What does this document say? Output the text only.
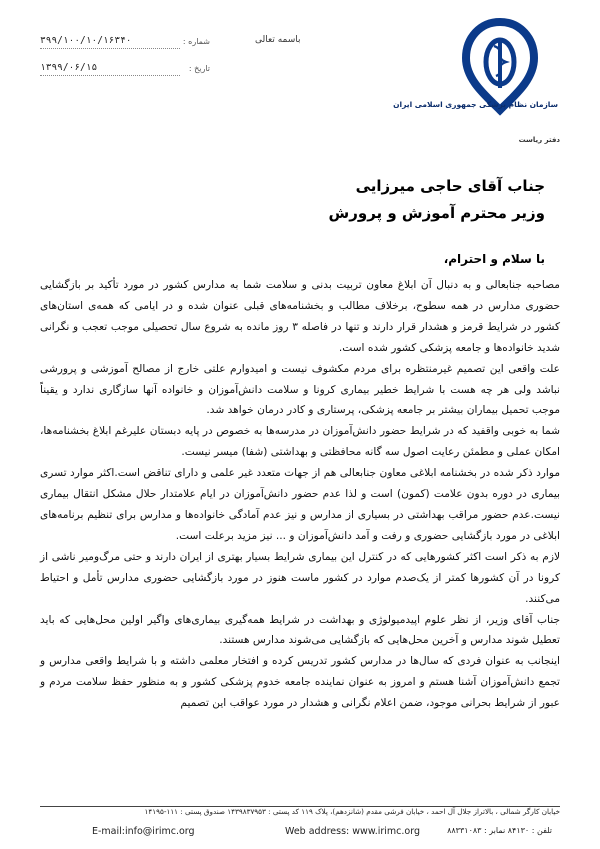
باسمه تعالی
۳۹۹/۱۰۰/۱۰/۱۶۳۴۰	: شماره
۱۳۹۹/۰۶/۱۵	: تاریخ
سازمان نظام پزشکی جمهوری اسلامی ایران
دفتر ریاست
جناب آقای حاجی میرزایی
وزیر محترم آموزش و پرورش
با سلام و احترام،

مصاحبه جنابعالی و به دنبال آن ابلاغ معاون تربیت بدنی و سلامت شما به مدارس کشور در مورد تأکید بر بازگشایی حضوری مدارس در همه سطوح، برخلاف مطالب و بخشنامه‌های قبلی عنوان شده و در ایامی که همه‌ی استان‌های کشور در شرایط قرمز و هشدار قرار دارند و تنها در فاصله ۳ روز مانده به شروع سال تحصیلی موجب تعجب و نگرانی شدید خانواده‌ها و جامعه پزشکی کشور شده است.

علت واقعی این تصمیم غیرمنتظره برای مردم مکشوف نیست و امیدوارم علتی خارج از مصالح آموزشی و پرورشی نباشد ولی هر چه هست با شرایط خطیر بیماری کرونا و سلامت دانش‌آموزان و خانواده آنها سازگاری ندارد و یقیناً موجب تحمیل بیماران بیشتر بر جامعه پزشکی، پرستاری و کادر درمان خواهد شد.

شما به خوبی واقفید که در شرایط حضور دانش‌آموزان در مدرسه‌ها به خصوص در پایه دبستان علیرغم ابلاغ بخشنامه‌ها، امکان عملی و مطمئن رعایت اصول سه گانه محافظتی و بهداشتی (شفا) میسر نیست.

موارد ذکر شده در بخشنامه ابلاغی معاون جنابعالی هم از جهات متعدد غیر علمی و دارای تناقض است.اکثر موارد تسری بیماری در دوره بدون علامت (کمون) است و لذا عدم حضور دانش‌آموزان در ایام علامتدار حلال مشکل انتقال بیماری نیست.عدم حضور مراقب بهداشتی در بسیاری از مدارس و نیز عدم آمادگی خانواده‌ها و مدارس برای تنظیم برنامه‌های ابلاغی در مورد بازگشایی حضوری و رفت و آمد دانش‌آموزان و ... نیز مزید برعلت است.

لازم به ذکر است اکثر کشورهایی که در کنترل این بیماری شرایط بسیار بهتری از ایران دارند و حتی مرگ‌ومیر ناشی از کرونا در آن کشورها کمتر از یک‌صدم موارد در کشور ماست هنوز در مورد بازگشایی حضوری مدارس تأمل و احتیاط می‌کنند.

جناب آقای وزیر، از نظر علوم اپیدمیولوژی و بهداشت در شرایط همه‌گیری بیماری‌های واگیر اولین محل‌هایی که باید تعطیل شوند مدارس و آخرین محل‌هایی که بازگشایی می‌شوند مدارس هستند.

اینجانب به عنوان فردی که سال‌ها در مدارس کشور تدریس کرده و افتخار معلمی داشته و با شرایط واقعی مدارس و تجمع دانش‌آموزان آشنا هستم و امروز به عنوان نماینده جامعه خدوم پزشکی کشور و به منظور حفظ سلامت مردم و عبور از شرایط بحرانی موجود، ضمن اعلام نگرانی و هشدار در مورد عواقب این تصمیم

خیابان کارگر شمالی ، بالاتراز جلال آل احمد ، خیابان فرشی مقدم (شانزدهم)، پلاک ۱۱۹ کد پستی : ۱۴۳۹۸۳۷۹۵۳ صندوق پستی : ۱۱۱-۱۴۱۹۵
E-mail:info@irimc.org	Web address: www.irimc.org	تلفن : ۸۴۱۳۰ نمابر : ۸۸۳۳۱۰۸۳
